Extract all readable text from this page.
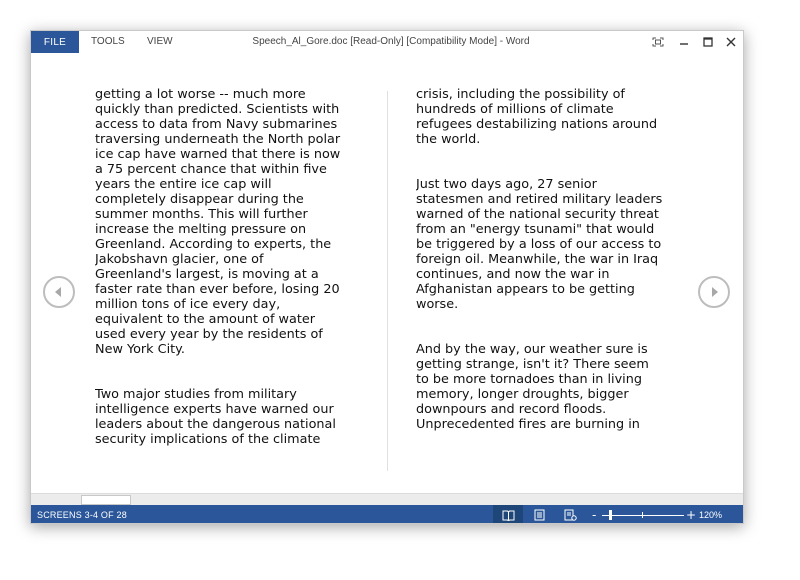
FILE	TOOLS VIEW	Speech_Al_Gore.doc [Read-Only] [Compatibility Mode] - Word

getting a lot worse -- much more
quickly than predicted. Scientists with
access to data from Navy submarines
traversing underneath the North polar
ice cap have warned that there is now
a 75 percent chance that within five
years the entire ice cap will
completely disappear during the
summer months. This will further
increase the melting pressure on
Greenland. According to experts, the
Jakobshavn glacier, one of
Greenland's largest, is moving at a
faster rate than ever before, losing 20
million tons of ice every day,
equivalent to the amount of water
used every year by the residents of
New York City.

Two major studies from military
intelligence experts have warned our
leaders about the dangerous national
security implications of the climate

crisis, including the possibility of
hundreds of millions of climate
refugees destabilizing nations around
the world.

Just two days ago, 27 senior
statesmen and retired military leaders
warned of the national security threat
from an "energy tsunami" that would
be triggered by a loss of our access to
foreign oil. Meanwhile, the war in Iraq
continues, and now the war in
Afghanistan appears to be getting
worse.

And by the way, our weather sure is
getting strange, isn't it? There seem
to be more tornadoes than in living
memory, longer droughts, bigger
downpours and record floods.
Unprecedented fires are burning in

SCREENS 3-4 OF 28	-	+ 120%
